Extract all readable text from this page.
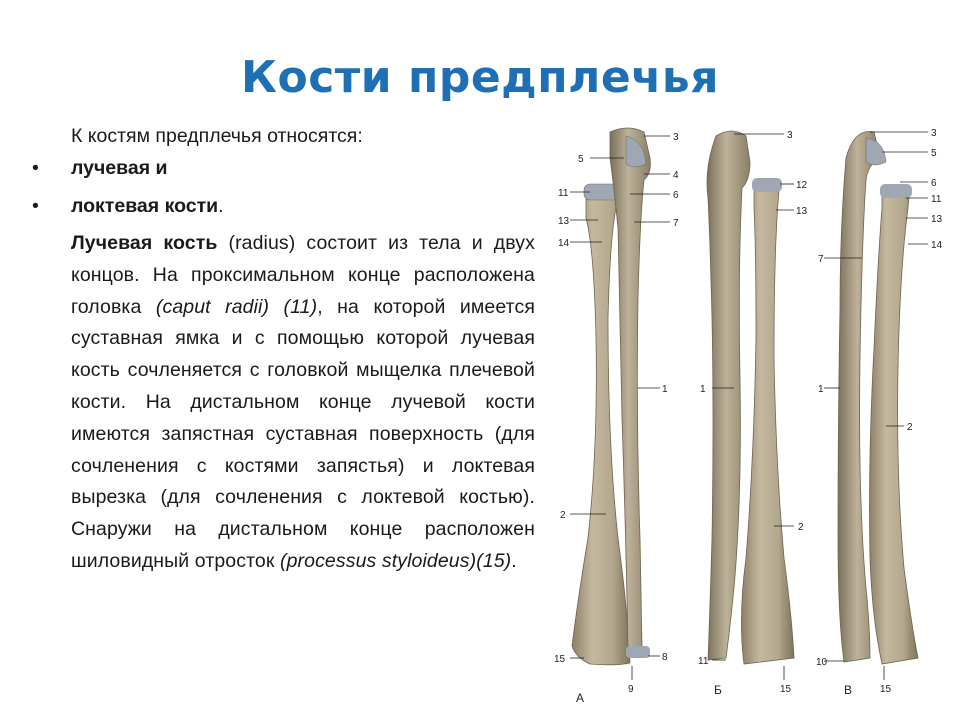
Кости предплечья
К костям предплечья относятся:
• лучевая и
• локтевая кости.
Лучевая кость (radius) состоит из тела и двух концов. На проксимальном конце расположена головка (caput radii) (11), на которой имеется суставная ямка и с помощью которой лучевая кость сочленяется с головкой мыщелка плечевой кости. На дистальном конце лучевой кости имеются запястная суставная поверхность (для сочленения с костями запястья) и локтевая вырезка (для сочленения с локтевой костью). Снаружи на дистальном конце расположен шиловидный отросток (processus styloideus)(15).
5
11
13
14
2
15
3
4
6
7
1
8
9
А
3
12
13
1
2
11
15
Б
3
5
6
11
13
14
7
1
2
10
15
В
